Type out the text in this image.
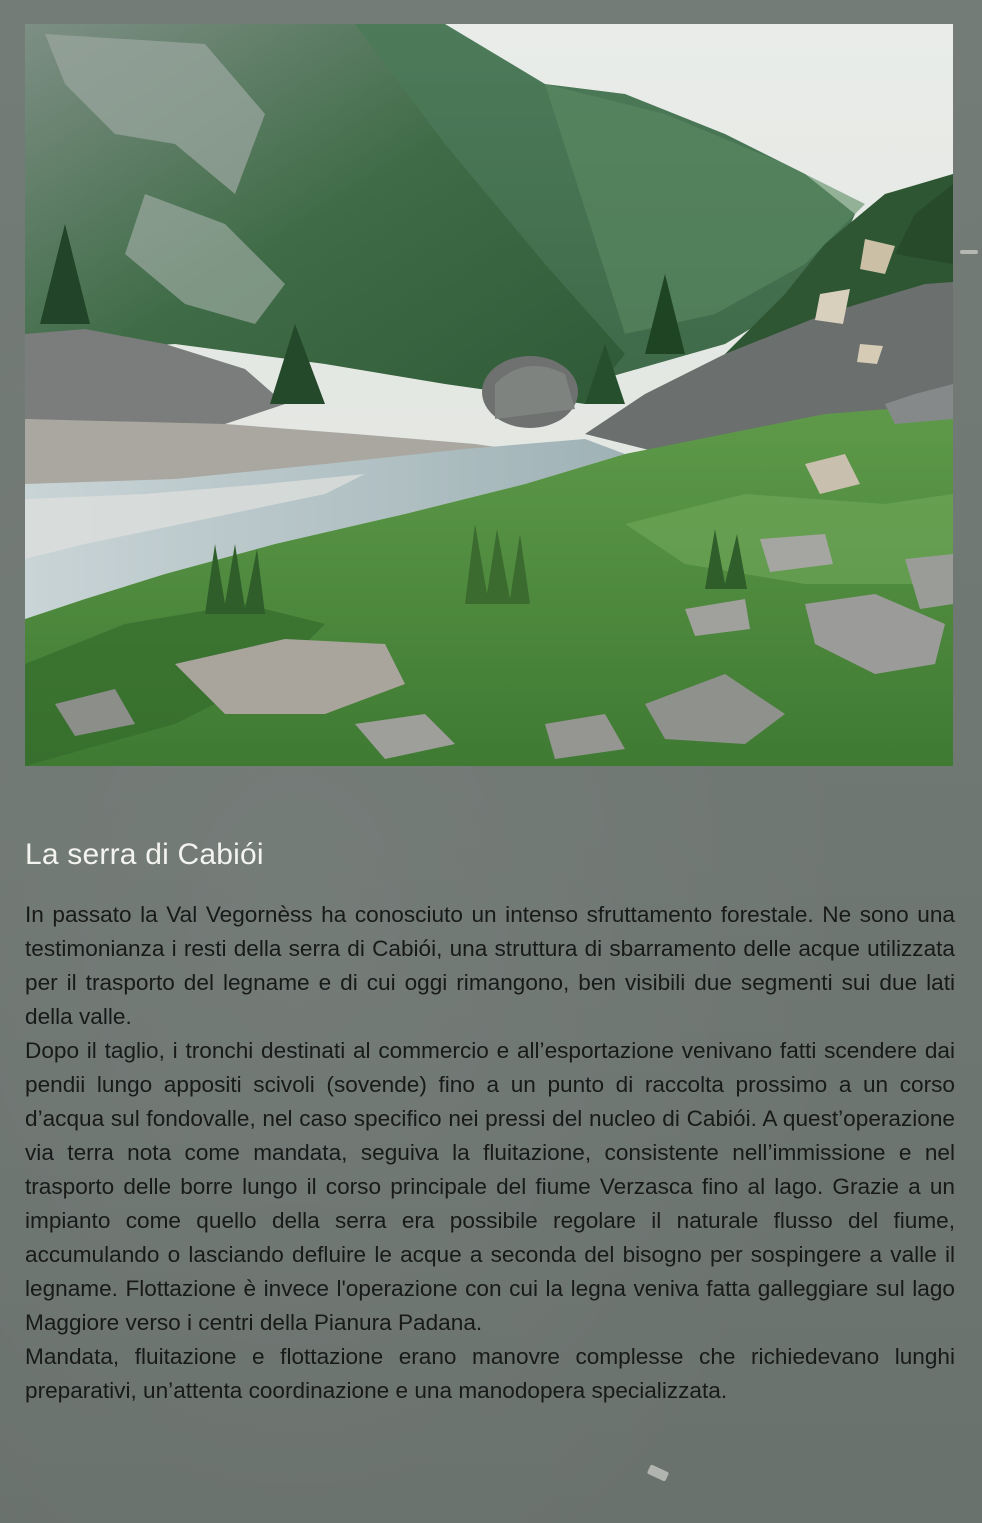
La serra di Cabiói

In passato la Val Vegornèss ha conosciuto un intenso sfruttamento forestale. Ne sono una testimonianza i resti della serra di Cabiói, una struttura di sbarramento delle acque utilizzata per il trasporto del legname e di cui oggi rimangono, ben visibili due segmenti sui due lati della valle.

Dopo il taglio, i tronchi destinati al commercio e all’esportazione venivano fatti scendere dai pendii lungo appositi scivoli (sovende) fino a un punto di raccolta prossimo a un corso d’acqua sul fondovalle, nel caso specifico nei pressi del nucleo di Cabiói. A quest’operazione via terra nota come mandata, seguiva la fluitazione, consistente nell’immissione e nel trasporto delle borre lungo il corso principale del fiume Verzasca fino al lago. Grazie a un impianto come quello della serra era possibile regolare il naturale flusso del fiume, accumulando o lasciando defluire le acque a seconda del bisogno per sospingere a valle il legname. Flottazione è invece l'operazione con cui la legna veniva fatta galleggiare sul lago Maggiore verso i centri della Pianura Padana.

Mandata, fluitazione e flottazione erano manovre complesse che richiedevano lunghi preparativi, un’attenta coordinazione e una manodopera specializzata.
